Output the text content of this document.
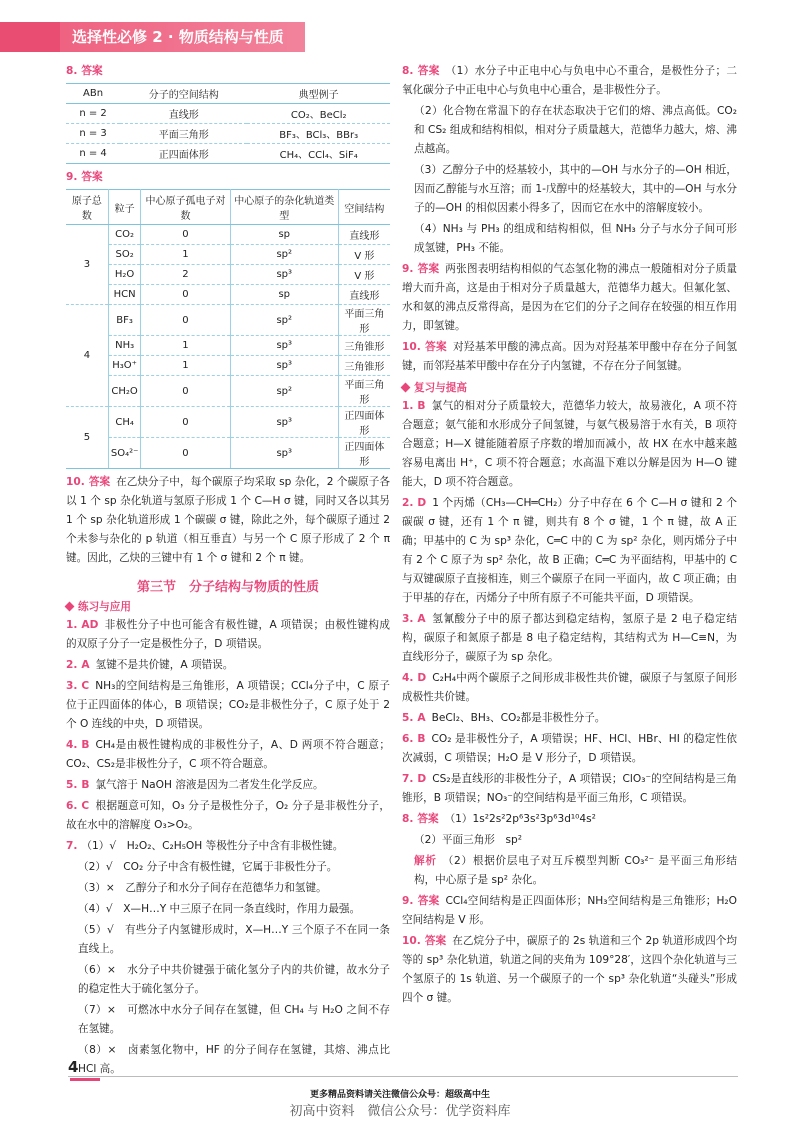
选择性必修 2 · 物质结构与性质
8. 答案
ABn	分子的空间结构	典型例子
n = 2	直线形	CO₂、BeCl₂
n = 3	平面三角形	BF₃、BCl₃、BBr₃
n = 4	正四面体形	CH₄、CCl₄、SiF₄
9. 答案
原子总数	粒子	中心原子孤电子对数	中心原子的杂化轨道类型	空间结构
3	CO₂	0	sp	直线形
	SO₂	1	sp²	V 形
	H₂O	2	sp³	V 形
	HCN	0	sp	直线形
4	BF₃	0	sp²	平面三角形
	NH₃	1	sp³	三角锥形
	H₃O⁺	1	sp³	三角锥形
	CH₂O	0	sp²	平面三角形
5	CH₄	0	sp³	正四面体形
	SO₄²⁻	0	sp³	正四面体形
10. 答案 在乙炔分子中，每个碳原子均采取 sp 杂化，2 个碳原子各以 1 个 sp 杂化轨道与氢原子形成 1 个 C—H σ 键，同时又各以其另 1 个 sp 杂化轨道形成 1 个碳碳 σ 键，除此之外，每个碳原子通过 2 个未参与杂化的 p 轨道（相互垂直）与另一个 C 原子形成了 2 个 π 键。因此，乙炔的三键中有 1 个 σ 键和 2 个 π 键。
第三节　分子结构与物质的性质
练习与应用
1. AD 非极性分子中也可能含有极性键，A 项错误；由极性键构成的双原子分子一定是极性分子，D 项错误。
2. A 氢键不是共价键，A 项错误。
3. C NH₃的空间结构是三角锥形，A 项错误；CCl₄分子中，C 原子位于正四面体的体心，B 项错误；CO₂是非极性分子，C 原子处于 2 个 O 连线的中央，D 项错误。
4. B CH₄是由极性键构成的非极性分子，A、D 两项不符合题意；CO₂、CS₂是非极性分子，C 项不符合题意。
5. B 氯气溶于 NaOH 溶液是因为二者发生化学反应。
6. C 根据题意可知，O₃ 分子是极性分子，O₂ 分子是非极性分子，故在水中的溶解度 O₃>O₂。
7. （1）√　 H₂O₂、C₂H₅OH 等极性分子中含有非极性键。
（2）√　 CO₂ 分子中含有极性键，它属于非极性分子。
（3）×　 乙醇分子和水分子间存在范德华力和氢键。
（4）√　 X—H…Y 中三原子在同一条直线时，作用力最强。
（5）√　 有些分子内氢键形成时，X—H…Y 三个原子不在同一条直线上。
（6）×　 水分子中共价键强于硫化氢分子内的共价键，故水分子的稳定性大于硫化氢分子。
（7）×　 可燃冰中水分子间存在氢键，但 CH₄ 与 H₂O 之间不存在氢键。
（8）×　 卤素氢化物中，HF 的分子间存在氢键，其熔、沸点比 HCl 高。
8. 答案 （1）水分子中正电中心与负电中心不重合，是极性分子；二氧化碳分子中正电中心与负电中心重合，是非极性分子。
（2）化合物在常温下的存在状态取决于它们的熔、沸点高低。CO₂ 和 CS₂ 组成和结构相似，相对分子质量越大，范德华力越大，熔、沸点越高。
（3）乙醇分子中的烃基较小，其中的—OH 与水分子的—OH 相近，因而乙醇能与水互溶；而 1-戊醇中的烃基较大，其中的—OH 与水分子的—OH 的相似因素小得多了，因而它在水中的溶解度较小。
（4）NH₃ 与 PH₃ 的组成和结构相似，但 NH₃ 分子与水分子间可形成氢键，PH₃ 不能。
9. 答案 两张图表明结构相似的气态氢化物的沸点一般随相对分子质量增大而升高，这是由于相对分子质量越大，范德华力越大。但氟化氢、水和氨的沸点反常得高，是因为在它们的分子之间存在较强的相互作用力，即氢键。
10. 答案 对羟基苯甲酸的沸点高。因为对羟基苯甲酸中存在分子间氢键，而邻羟基苯甲酸中存在分子内氢键，不存在分子间氢键。
复习与提高
1. B 氯气的相对分子质量较大，范德华力较大，故易液化，A 项不符合题意；氨气能和水形成分子间氢键，与氨气极易溶于水有关，B 项符合题意；H—X 键能随着原子序数的增加而减小，故 HX 在水中越来越容易电离出 H⁺，C 项不符合题意；水高温下难以分解是因为 H—O 键能大，D 项不符合题意。
2. D 1 个丙烯（CH₃—CH═CH₂）分子中存在 6 个 C—H σ 键和 2 个碳碳 σ 键，还有 1 个 π 键，则共有 8 个 σ 键，1 个 π 键，故 A 正确；甲基中的 C 为 sp³ 杂化，C═C 中的 C 为 sp² 杂化，则丙烯分子中有 2 个 C 原子为 sp² 杂化，故 B 正确；C═C 为平面结构，甲基中的 C 与双键碳原子直接相连，则三个碳原子在同一平面内，故 C 项正确；由于甲基的存在，丙烯分子中所有原子不可能共平面，D 项错误。
3. A 氢氰酸分子中的原子都达到稳定结构，氢原子是 2 电子稳定结构，碳原子和氮原子都是 8 电子稳定结构，其结构式为 H—C≡N，为直线形分子，碳原子为 sp 杂化。
4. D C₂H₄中两个碳原子之间形成非极性共价键，碳原子与氢原子间形成极性共价键。
5. A BeCl₂、BH₃、CO₂都是非极性分子。
6. B CO₂ 是非极性分子，A 项错误；HF、HCl、HBr、HI 的稳定性依次减弱，C 项错误；H₂O 是 V 形分子，D 项错误。
7. D CS₂是直线形的非极性分子，A 项错误；ClO₃⁻的空间结构是三角锥形，B 项错误；NO₃⁻的空间结构是平面三角形，C 项错误。
8. 答案 （1）1s²2s²2p⁶3s²3p⁶3d¹⁰4s²
（2）平面三角形　sp²
解析 （2）根据价层电子对互斥模型判断 CO₃²⁻ 是平面三角形结构，中心原子是 sp² 杂化。
9. 答案 CCl₄空间结构是正四面体形；NH₃空间结构是三角锥形；H₂O 空间结构是 V 形。
10. 答案 在乙烷分子中，碳原子的 2s 轨道和三个 2p 轨道形成四个均等的 sp³ 杂化轨道，轨道之间的夹角为 109°28′，这四个杂化轨道与三个氢原子的 1s 轨道、另一个碳原子的一个 sp³ 杂化轨道“头碰头”形成四个 σ 键。
4
更多精品资料请关注微信公众号：超级高中生
初高中资料　微信公众号：优学资料库
